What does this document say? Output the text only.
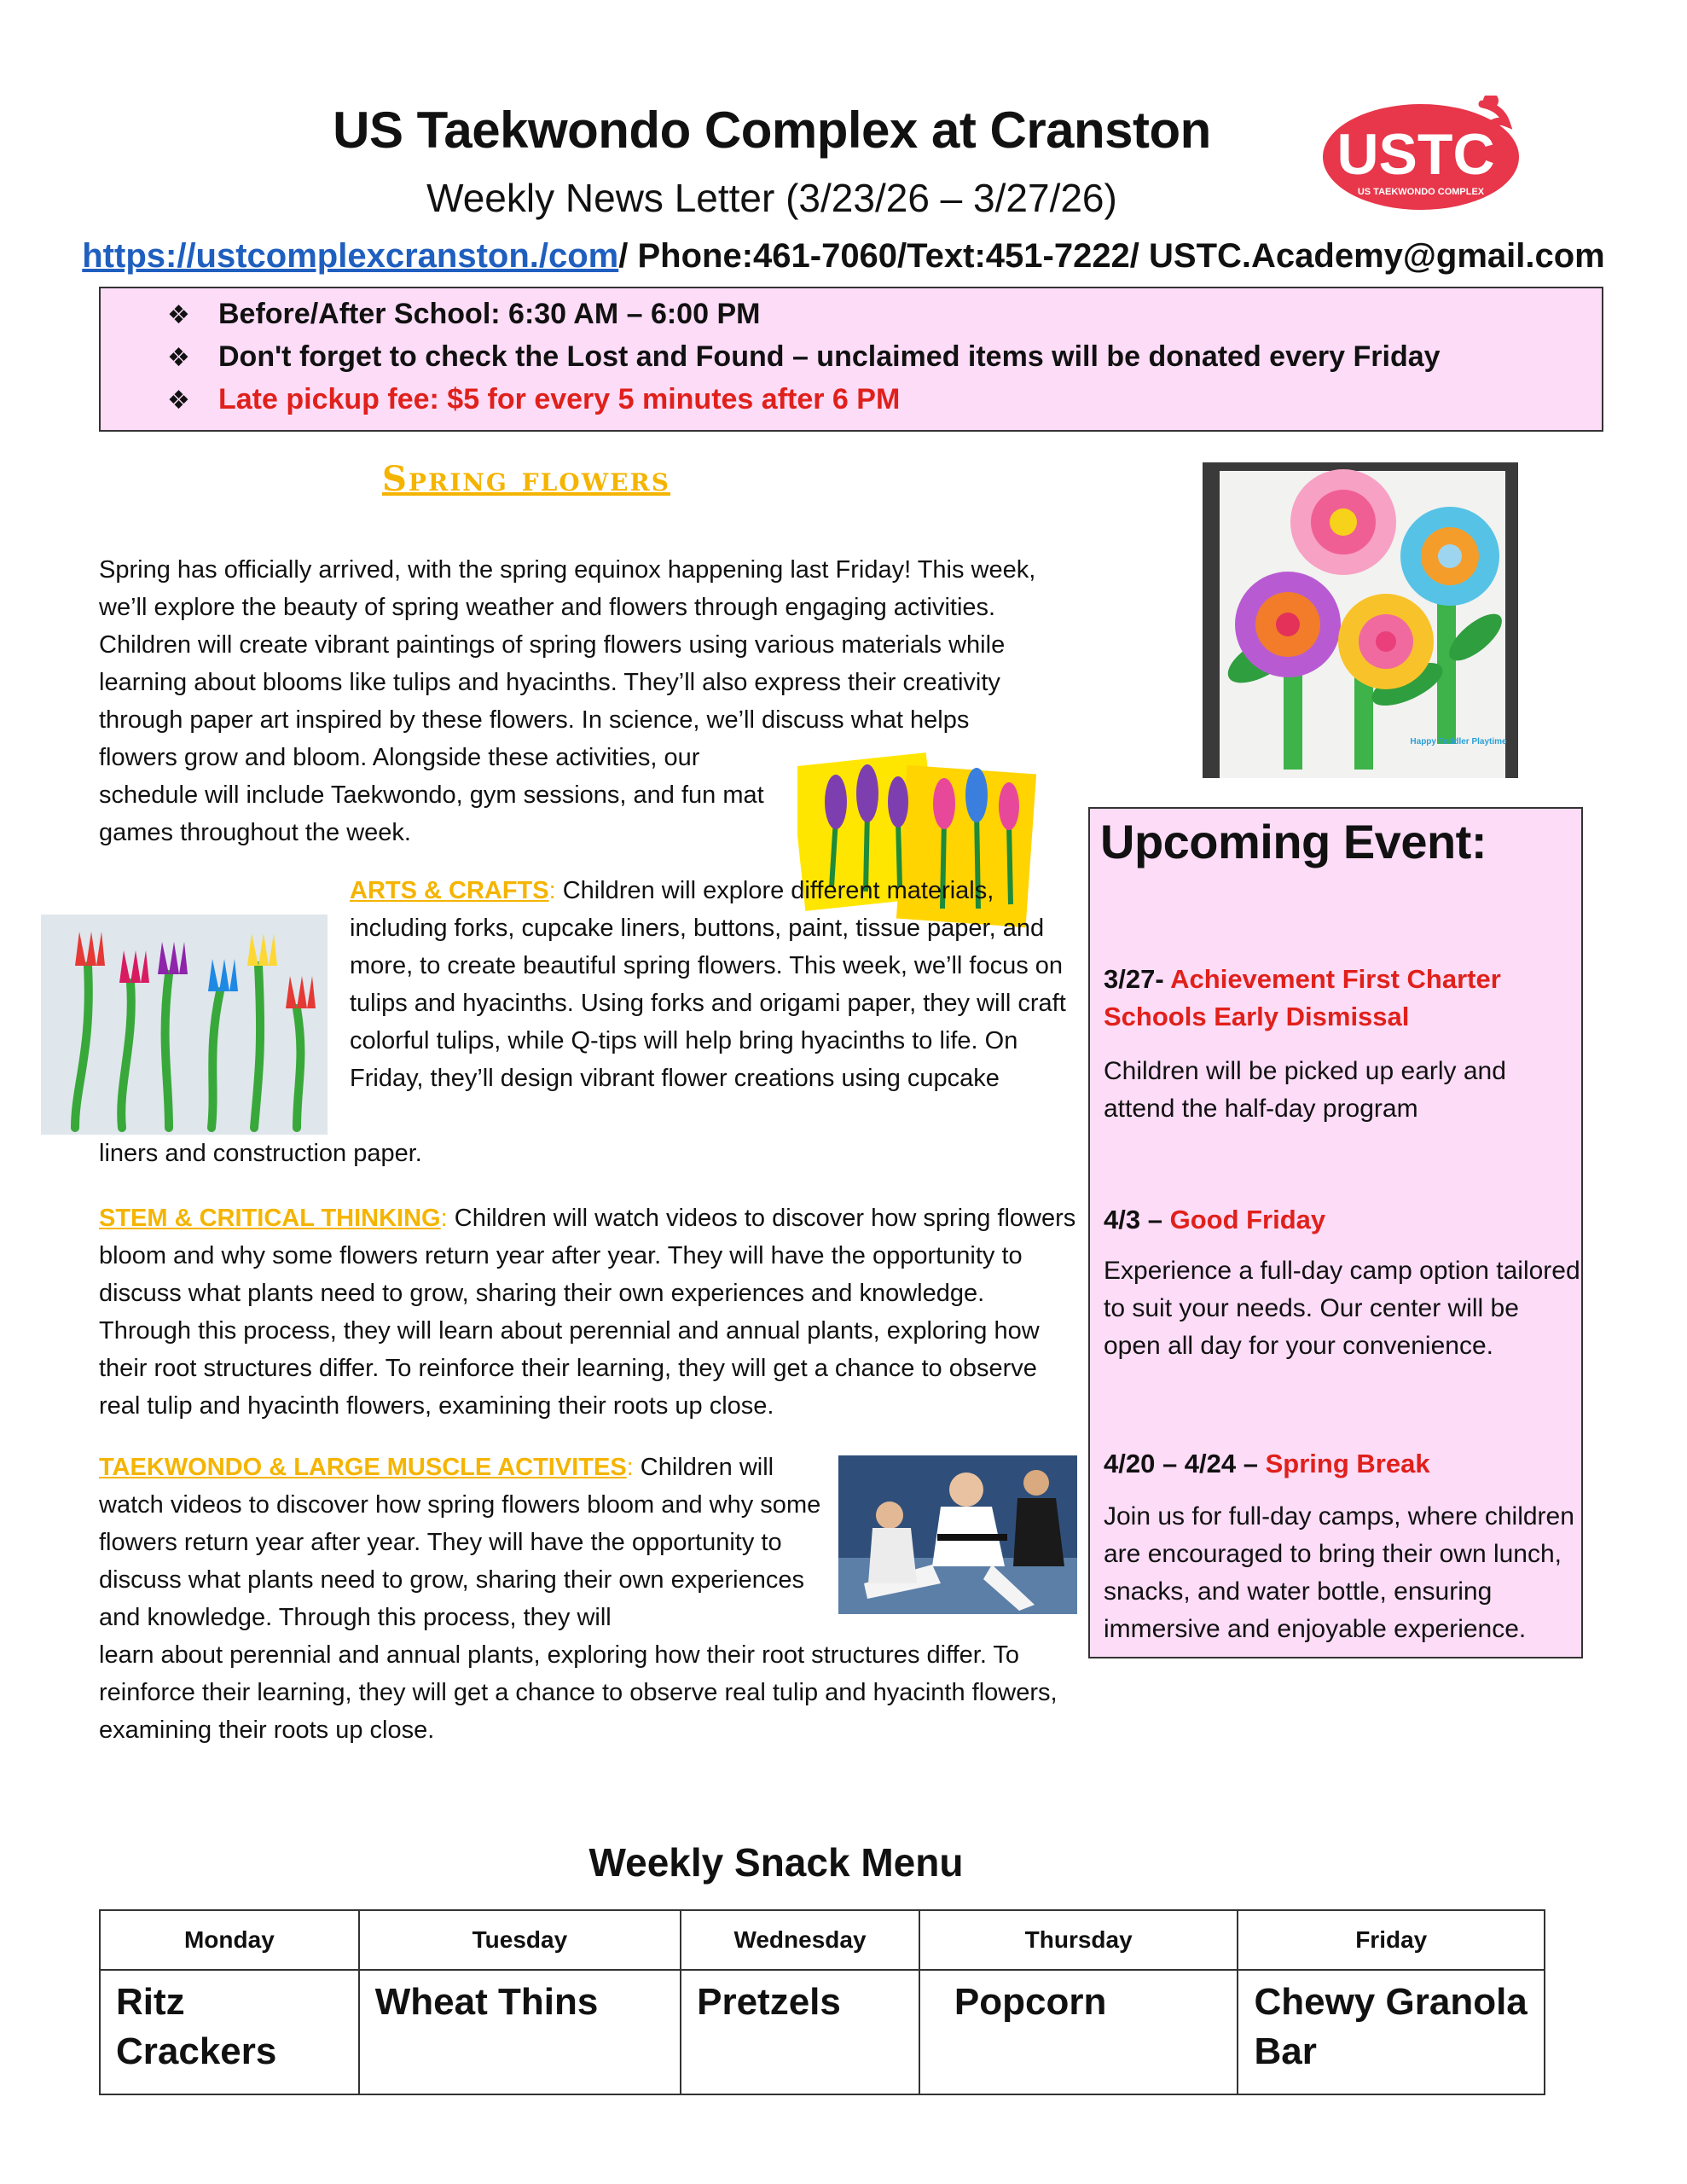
US Taekwondo Complex at Cranston
Weekly News Letter (3/23/26 – 3/27/26)
https://ustcomplexcranston./com/ Phone:461-7060/Text:451-7222/ USTC.Academy@gmail.com
USTC
US TAEKWONDO COMPLEX
❖ Before/After School: 6:30 AM – 6:00 PM
❖ Don't forget to check the Lost and Found – unclaimed items will be donated every Friday
❖ Late pickup fee: $5 for every 5 minutes after 6 PM
Spring flowers
Spring has officially arrived, with the spring equinox happening last Friday! This week, we’ll explore the beauty of spring weather and flowers through engaging activities. Children will create vibrant paintings of spring flowers using various materials while learning about blooms like tulips and hyacinths. They’ll also express their creativity through paper art inspired by these flowers. In science, we’ll discuss what helps
flowers grow and bloom. Alongside these activities, our schedule will include Taekwondo, gym sessions, and fun mat games throughout the week.
Happy Toddler Playtime
ARTS & CRAFTS: Children will explore different materials, including forks, cupcake liners, buttons, paint, tissue paper, and more, to create beautiful spring flowers. This week, we’ll focus on tulips and hyacinths. Using forks and origami paper, they will craft colorful tulips, while Q-tips will help bring hyacinths to life. On Friday, they’ll design vibrant flower creations using cupcake
liners and construction paper.
STEM & CRITICAL THINKING: Children will watch videos to discover how spring flowers bloom and why some flowers return year after year. They will have the opportunity to discuss what plants need to grow, sharing their own experiences and knowledge. Through this process, they will learn about perennial and annual plants, exploring how their root structures differ. To reinforce their learning, they will get a chance to observe real tulip and hyacinth flowers, examining their roots up close.
TAEKWONDO & LARGE MUSCLE ACTIVITES: Children will watch videos to discover how spring flowers bloom and why some flowers return year after year. They will have the opportunity to discuss what plants need to grow, sharing their own experiences and knowledge. Through this process, they will
learn about perennial and annual plants, exploring how their root structures differ. To reinforce their learning, they will get a chance to observe real tulip and hyacinth flowers, examining their roots up close.
Upcoming Event:
3/27- Achievement First Charter Schools Early Dismissal
Children will be picked up early and attend the half-day program
4/3 – Good Friday
Experience a full-day camp option tailored to suit your needs. Our center will be open all day for your convenience.
4/20 – 4/24 – Spring Break
Join us for full-day camps, where children are encouraged to bring their own lunch, snacks, and water bottle, ensuring immersive and enjoyable experience.
Weekly Snack Menu
Monday	Tuesday	Wednesday	Thursday	Friday
Ritz Crackers	Wheat Thins	Pretzels	Popcorn	Chewy Granola Bar
